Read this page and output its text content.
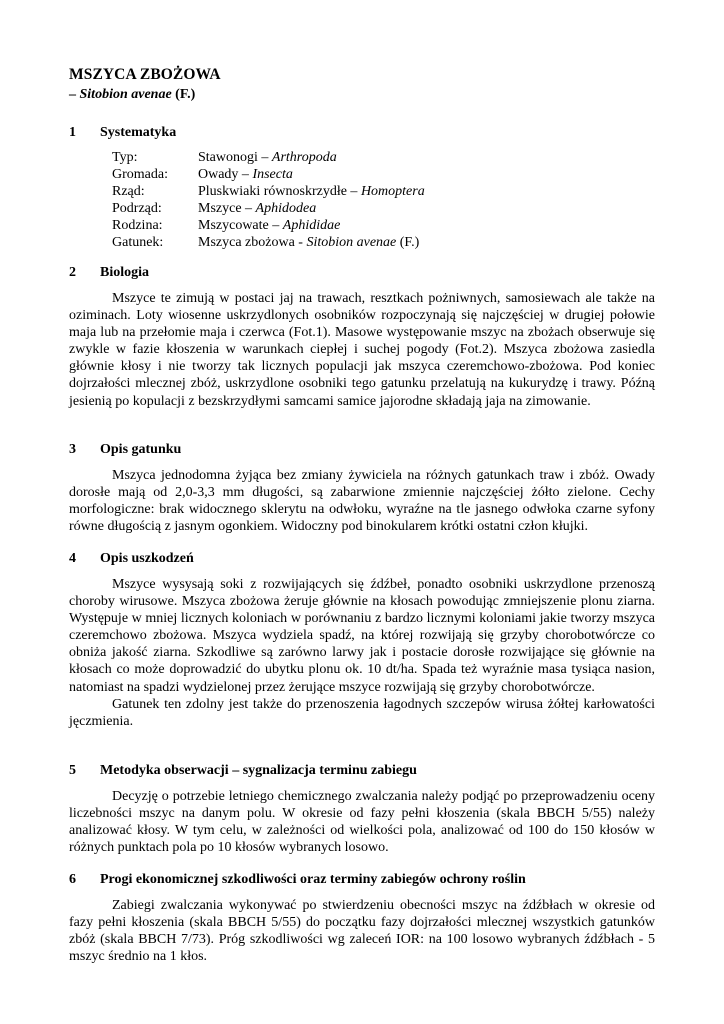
MSZYCA ZBOŻOWA
– Sitobion avenae (F.)
1 Systematyka
Typ:	Stawonogi – Arthropoda
Gromada: Owady – Insecta
Rząd:	Pluskwiaki równoskrzydłe – Homoptera
Podrząd:	Mszyce – Aphidodea
Rodzina:	Mszycowate – Aphididae
Gatunek: Mszyca zbożowa - Sitobion avenae (F.)
2 Biologia

Mszyce te zimują w postaci jaj na trawach, resztkach pożniwnych, samosiewach ale także na oziminach. Loty wiosenne uskrzydlonych osobników rozpoczynają się najczęściej w drugiej połowie maja lub na przełomie maja i czerwca (Fot.1). Masowe występowanie mszyc na zbożach obserwuje się zwykle w fazie kłoszenia w warunkach ciepłej i suchej pogody (Fot.2). Mszyca zbożowa zasiedla głównie kłosy i nie tworzy tak licznych populacji jak mszyca czeremchowo-zbożowa. Pod koniec dojrzałości mlecznej zbóż, uskrzydlone osobniki tego gatunku przelatują na kukurydzę i trawy. Późną jesienią po kopulacji z bezskrzydłymi samcami samice jajorodne składają jaja na zimowanie.

3 Opis gatunku

Mszyca jednodomna żyjąca bez zmiany żywiciela na różnych gatunkach traw i zbóż. Owady dorosłe mają od 2,0-3,3 mm długości, są zabarwione zmiennie najczęściej żółto zielone. Cechy morfologiczne: brak widocznego sklerytu na odwłoku, wyraźne na tle jasnego odwłoka czarne syfony równe długością z jasnym ogonkiem. Widoczny pod binokularem krótki ostatni człon kłujki.

4 Opis uszkodzeń

Mszyce wysysają soki z rozwijających się źdźbeł, ponadto osobniki uskrzydlone przenoszą choroby wirusowe. Mszyca zbożowa żeruje głównie na kłosach powodując zmniejszenie plonu ziarna. Występuje w mniej licznych koloniach w porównaniu z bardzo licznymi koloniami jakie tworzy mszyca czeremchowo zbożowa. Mszyca wydziela spadź, na której rozwijają się grzyby chorobotwórcze co obniża jakość ziarna. Szkodliwe są zarówno larwy jak i postacie dorosłe rozwijające się głównie na kłosach co może doprowadzić do ubytku plonu ok. 10 dt/ha. Spada też wyraźnie masa tysiąca nasion, natomiast na spadzi wydzielonej przez żerujące mszyce rozwijają się grzyby chorobotwórcze.

Gatunek ten zdolny jest także do przenoszenia łagodnych szczepów wirusa żółtej karłowatości jęczmienia.

5 Metodyka obserwacji – sygnalizacja terminu zabiegu

Decyzję o potrzebie letniego chemicznego zwalczania należy podjąć po przeprowadzeniu oceny liczebności mszyc na danym polu. W okresie od fazy pełni kłoszenia (skala BBCH 5/55) należy analizować kłosy. W tym celu, w zależności od wielkości pola, analizować od 100 do 150 kłosów w różnych punktach pola po 10 kłosów wybranych losowo.

6 Progi ekonomicznej szkodliwości oraz terminy zabiegów ochrony roślin

Zabiegi zwalczania wykonywać po stwierdzeniu obecności mszyc na źdźbłach w okresie od fazy pełni kłoszenia (skala BBCH 5/55) do początku fazy dojrzałości mlecznej wszystkich gatunków zbóż (skala BBCH 7/73). Próg szkodliwości wg zaleceń IOR: na 100 losowo wybranych źdźbłach - 5 mszyc średnio na 1 kłos.
